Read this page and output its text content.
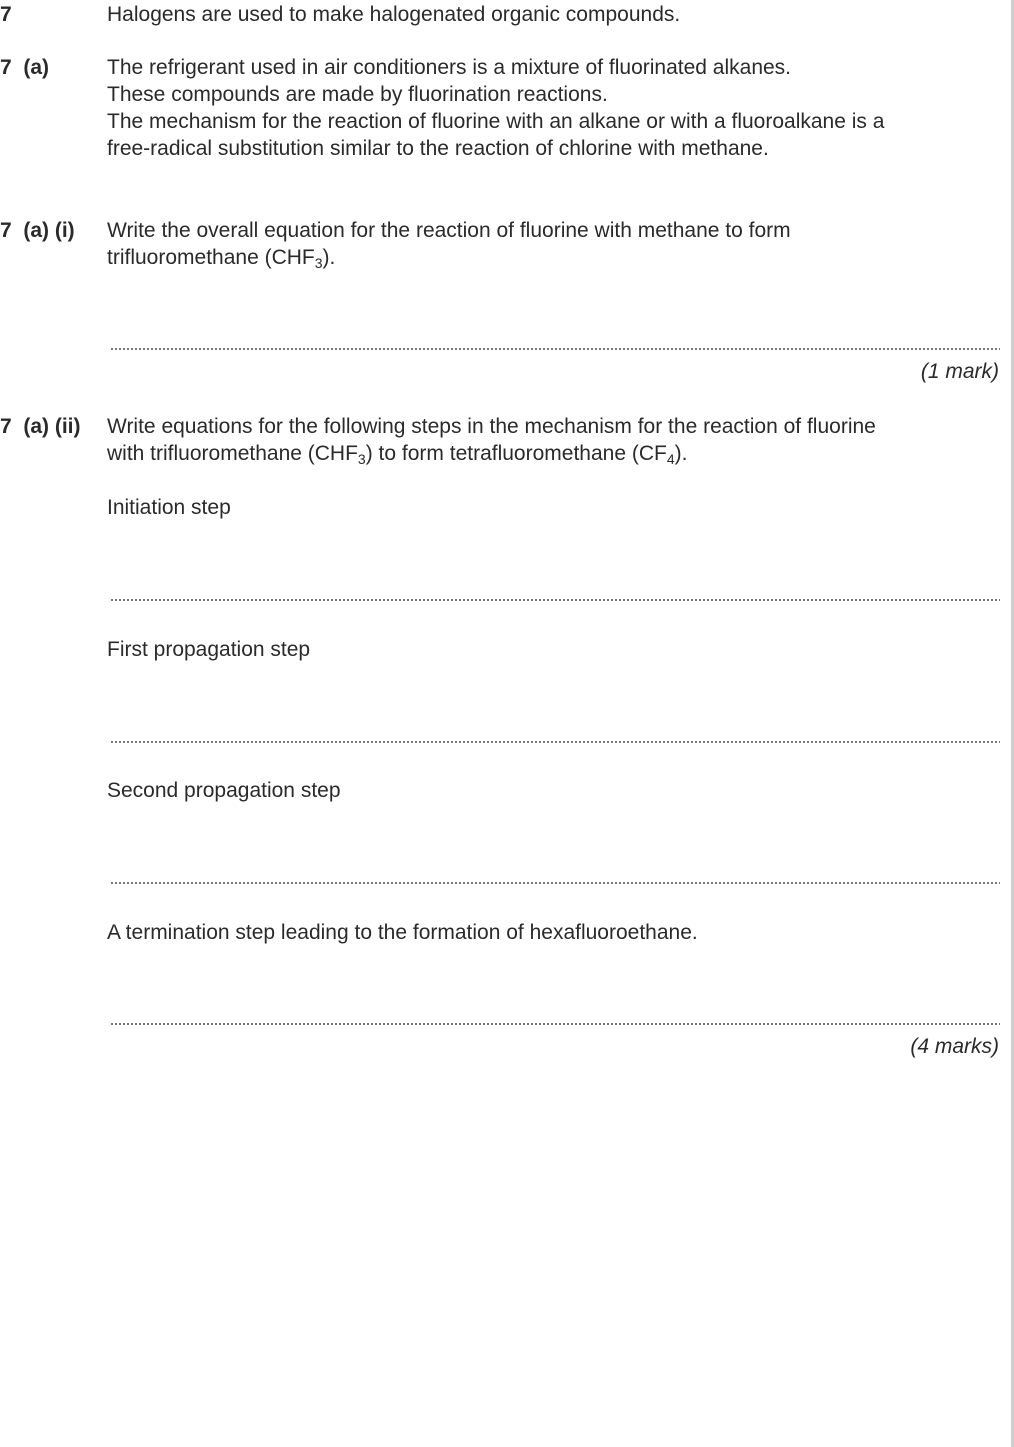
7	Halogens are used to make halogenated organic compounds.
7  (a)	The refrigerant used in air conditioners is a mixture of fluorinated alkanes.

These compounds are made by fluorination reactions.

The mechanism for the reaction of fluorine with an alkane or with a fluoroalkane is a

free-radical substitution similar to the reaction of chlorine with methane.

7  (a) (i) Write the overall equation for the reaction of fluorine with methane to form

trifluoromethane $(CHF_3)$.

(1 mark)
7  (a) (ii) Write equations for the following steps in the mechanism for the reaction of fluorine

with trifluoromethane $(CHF_3)$ to form tetrafluoromethane $(CF_4)$.

Initiation step
First propagation step
Second propagation step
A termination step leading to the formation of hexafluoroethane.
(4 marks)
